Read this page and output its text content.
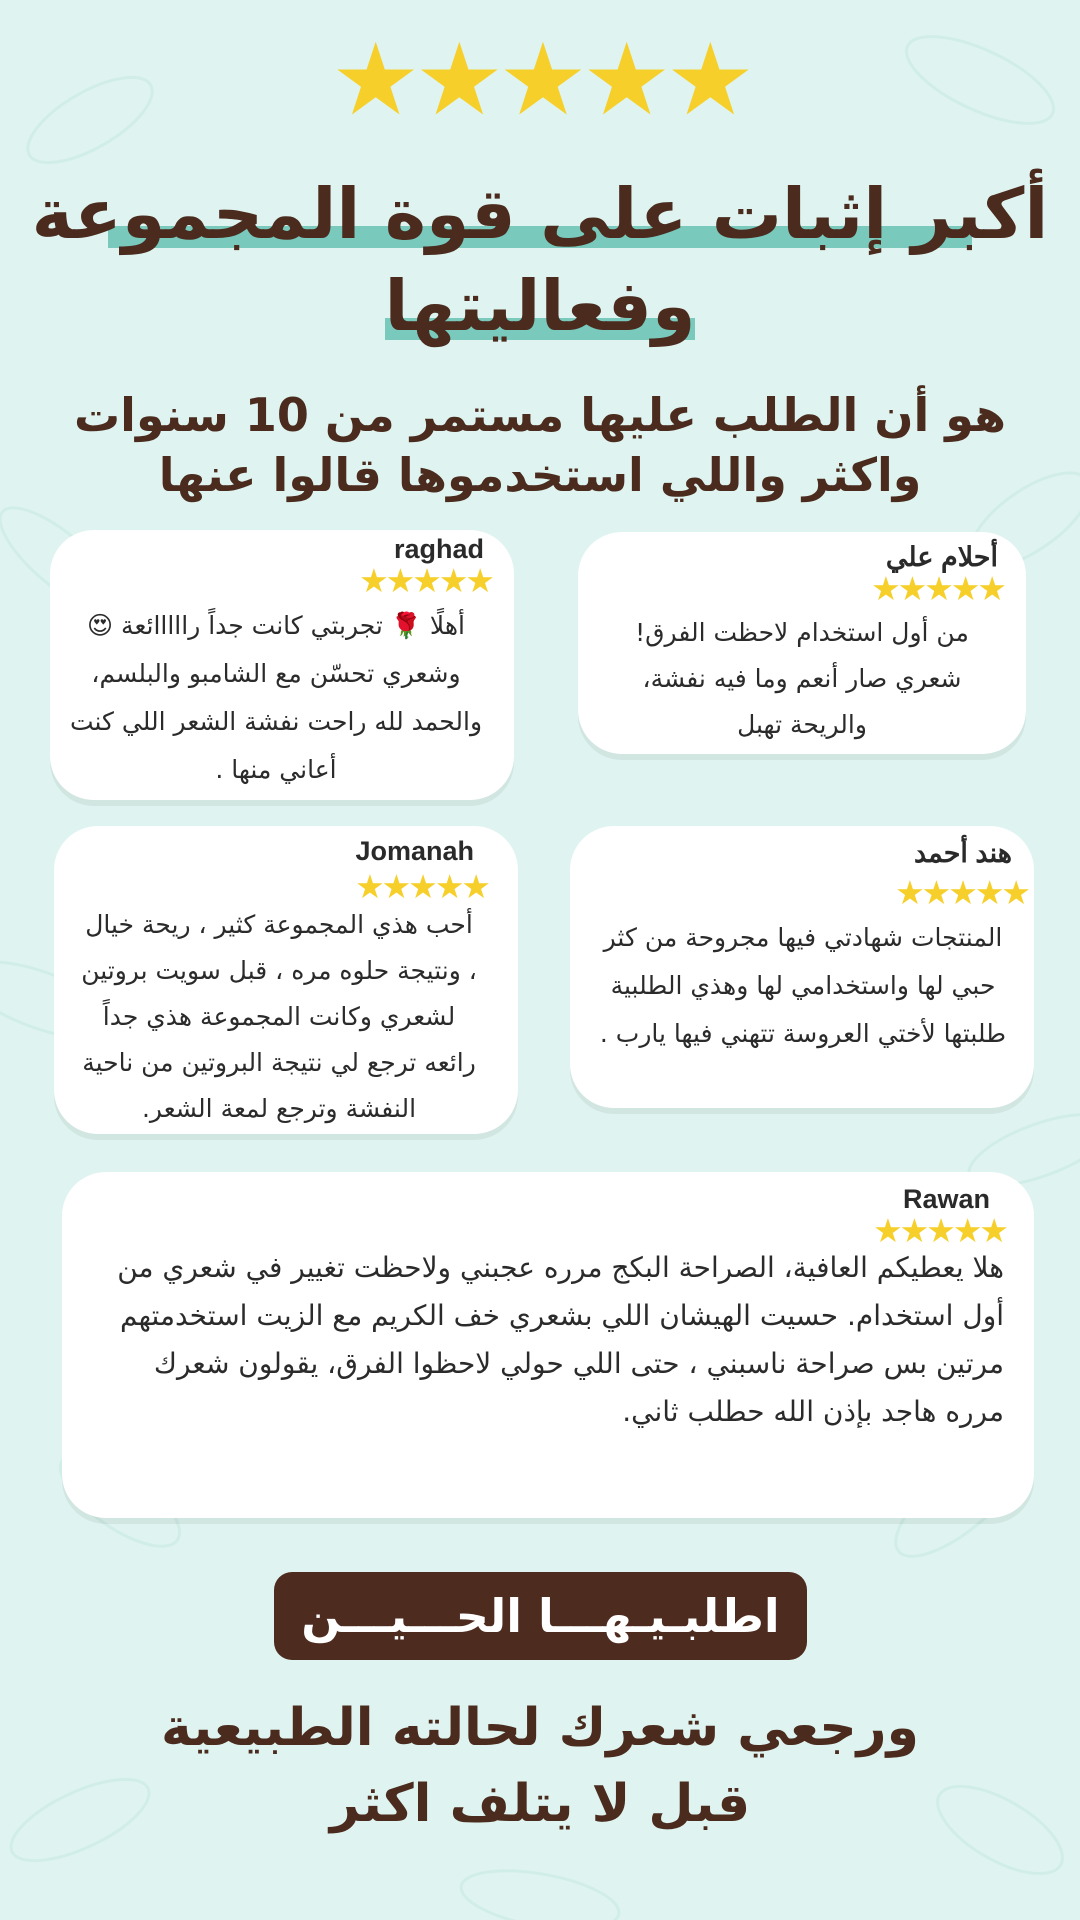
★★★★★
أكبر إثبات على قوة المجموعة
وفعاليتها
هو أن الطلب عليها مستمر من 10 سنوات
واكثر واللي استخدموها قالوا عنها
أحلام علي
★★★★★
من أول استخدام لاحظت الفرق! شعري صار أنعم وما فيه نفشة، والريحة تهبل
raghad
★★★★★
أهلًا 🌹 تجربتي كانت جداً رااااائعة 😍 وشعري تحسّن مع الشامبو والبلسم، والحمد لله راحت نفشة الشعر اللي كنت أعاني منها .
هند أحمد
★★★★★
المنتجات شهادتي فيها مجروحة من كثر حبي لها واستخدامي لها وهذي الطلبية طلبتها لأختي العروسة تتهني فيها يارب .
Jomanah
★★★★★
أحب هذي المجموعة كثير ، ريحة خيال ، ونتيجة حلوه مره ، قبل سويت بروتين لشعري وكانت المجموعة هذي جداً رائعه ترجع لي نتيجة البروتين من ناحية النفشة وترجع لمعة الشعر.
Rawan
★★★★★
هلا يعطيكم العافية، الصراحة البكج مرره عجبني ولاحظت تغيير في شعري من أول استخدام. حسيت الهيشان اللي بشعري خف الكريم مع الزيت استخدمتهم مرتين بس صراحة ناسبني ، حتى اللي حولي لاحظوا الفرق، يقولون شعرك مرره هاجد بإذن الله حطلب ثاني.
اطلبـيـهـــا الحـــيـــن
ورجعي شعرك لحالته الطبيعية
قبل لا يتلف اكثر
